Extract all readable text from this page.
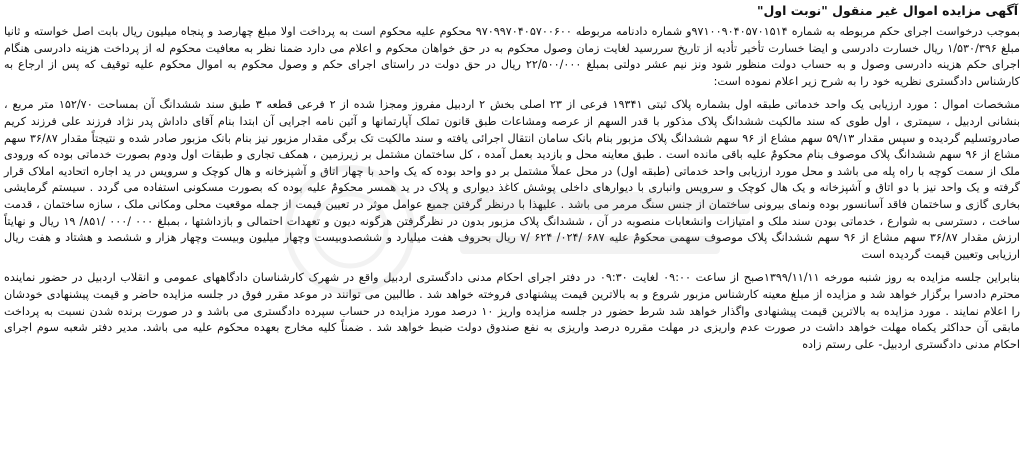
آگهی مزایده اموال غیر منقول "نوبت اول"

بموجب درخواست اجرای حکم مربوطه به شماره ۹۷۱۰۰۹۰۴۰۵۷۰۱۵۱۴و شماره دادنامه مربوطه ۹۷۰۹۹۷۰۴۰۵۷۰۰۶۰۰ محکوم علیه محکوم است به پرداخت اولا مبلغ چهارصد و پنجاه میلیون ریال بابت اصل خواسته و ثانیا مبلغ ۱/۵۳۰/۳۹۶ ریال خسارت دادرسی و ایضا خسارت تأخیر تأدیه از تاریخ سررسید لغایت زمان وصول محکوم به در حق خواهان محکوم و اعلام می دارد ضمنا نظر به معافیت محکوم له از پرداخت هزینه دادرسی هنگام اجرای حکم هزینه دادرسی وصول و به حساب دولت منظور شود ونز نیم عشر دولتی بمبلغ ۲۲/۵۰۰/۰۰۰ ریال در حق دولت در راستای اجرای حکم و وصول محکوم به اموال محکوم علیه توقیف که پس از ارجاع به کارشناس دادگستری نظریه خود را به شرح زیر اعلام نموده است:

مشخصات اموال : مورد ارزیابی یک واحد خدماتی طبقه اول بشماره پلاک ثبتی ۱۹۳۴۱ فرعی از ۲۳ اصلی بخش ۲ اردبیل مفروز ومجزا شده از ۲ فرعی قطعه ۳ طبق سند ششدانگ آن بمساحت ۱۵۲/۷۰ متر مربع ، بنشانی اردبیل ، سیمتری ، اول طوی که سند مالکیت ششدانگ پلاک مذکور با قدر السهم از عرصه ومشاعات طبق قانون تملک آپارتمانها و آئین نامه اجرایی آن ابتدا بنام آقای داداش پدر نژاد فرزند علی فرزند کریم صادروتسلیم گردیده و سپس مقدار ۵۹/۱۳ سهم مشاع از ۹۶ سهم ششدانگ پلاک مزبور بنام بانک سامان انتقال اجرائی یافته و سند مالکیت تک برگی مقدار مزبور نیز بنام بانک مزبور صادر شده و نتیجتاً مقدار ۳۶/۸۷ سهم مشاع از ۹۶ سهم ششدانگ پلاک موصوف بنام محکومٌ علیه باقی مانده است . طبق معاینه محل و بازدید بعمل آمده ، کل ساختمان مشتمل بر زیرزمین ، همکف تجاری و طبقات اول ودوم بصورت خدماتی بوده که ورودی ملک از سمت کوچه با راه پله می باشد و محل مورد ارزیابی واحد خدماتی (طبقه اول) در محل عملاً مشتمل بر دو واحد بوده که یک واحد با چهار اتاق و آشپزخانه و هال کوچک و سرویس در ید اجاره اتحادیه املاک قرار گرفته و یک واحد نیز با دو اتاق و آشپزخانه و یک هال کوچک و سرویس وانباری با دیوارهای داخلی پوشش کاغذ دیواری و پلاک در ید همسر محکومٌ علیه بوده که بصورت مسکونی استفاده می گردد . سیستم گرمایشی بخاری گازی و ساختمان فاقد آسانسور بوده ونمای بیرونی ساختمان از جنس سنگ مرمر می باشد . علیهذا با درنظر گرفتن جمیع عوامل موثر در تعیین قیمت از جمله موقعیت محلی ومکانی ملک ، سازه ساختمان ، قدمت ساخت ، دسترسی به شوارع ، خدماتی بودن سند ملک و امتیازات وانشعابات منصوبه در آن ، ششدانگ پلاک مزبور بدون در نظرگرفتن هرگونه دیون و تعهدات احتمالی و بازداشتها ، بمبلغ ۰۰۰ /۰۰۰ /۸۵۱/ ۱۹ ریال و نهایتاً ارزش مقدار ۳۶/۸۷ سهم مشاع از ۹۶ سهم ششدانگ پلاک موصوف سهمی محکومٌ علیه ۶۸۷ /۰۲۴/ ۶۲۴ /۷ ریال بحروف هفت میلیارد و ششصدوبیست وچهار میلیون وبیست وچهار هزار و ششصد و هشتاد و هفت ریال ارزیابی وتعیین قیمت گردیده است

بنابراین جلسه مزایده به روز شنبه مورخه ۱۳۹۹/۱۱/۱۱صبح از ساعت ۰۹:۰۰ لغایت ۰۹:۳۰ در دفتر اجرای احکام مدنی دادگستری اردبیل واقع در شهرک کارشناسان دادگاههای عمومی و انقلاب اردبیل در حضور نماینده محترم دادسرا برگزار خواهد شد و مزایده از مبلغ معینه کارشناس مزبور شروع و به بالاترین قیمت پیشنهادی فروخته خواهد شد . طالبین می توانند در موعد مقرر فوق در جلسه مزایده حاضر و قیمت پیشنهادی خودشان را اعلام نمایند . مورد مزایده به بالاترین قیمت پیشنهادی واگذار خواهد شد شرط حضور در جلسه مزایده واریز ۱۰ درصد مورد مزایده در حساب سپرده دادگستری می باشد و در صورت برنده شدن نسبت به پرداخت مابقی آن حداکثر یکماه مهلت خواهد داشت در صورت عدم واریزی در مهلت مقرره درصد واریزی به نفع صندوق دولت ضبط خواهد شد . ضمناً کلیه مخارج بعهده محکوم علیه می باشد. مدیر دفتر شعبه سوم اجرای احکام مدنی دادگستری اردبیل- علی رستم زاده
